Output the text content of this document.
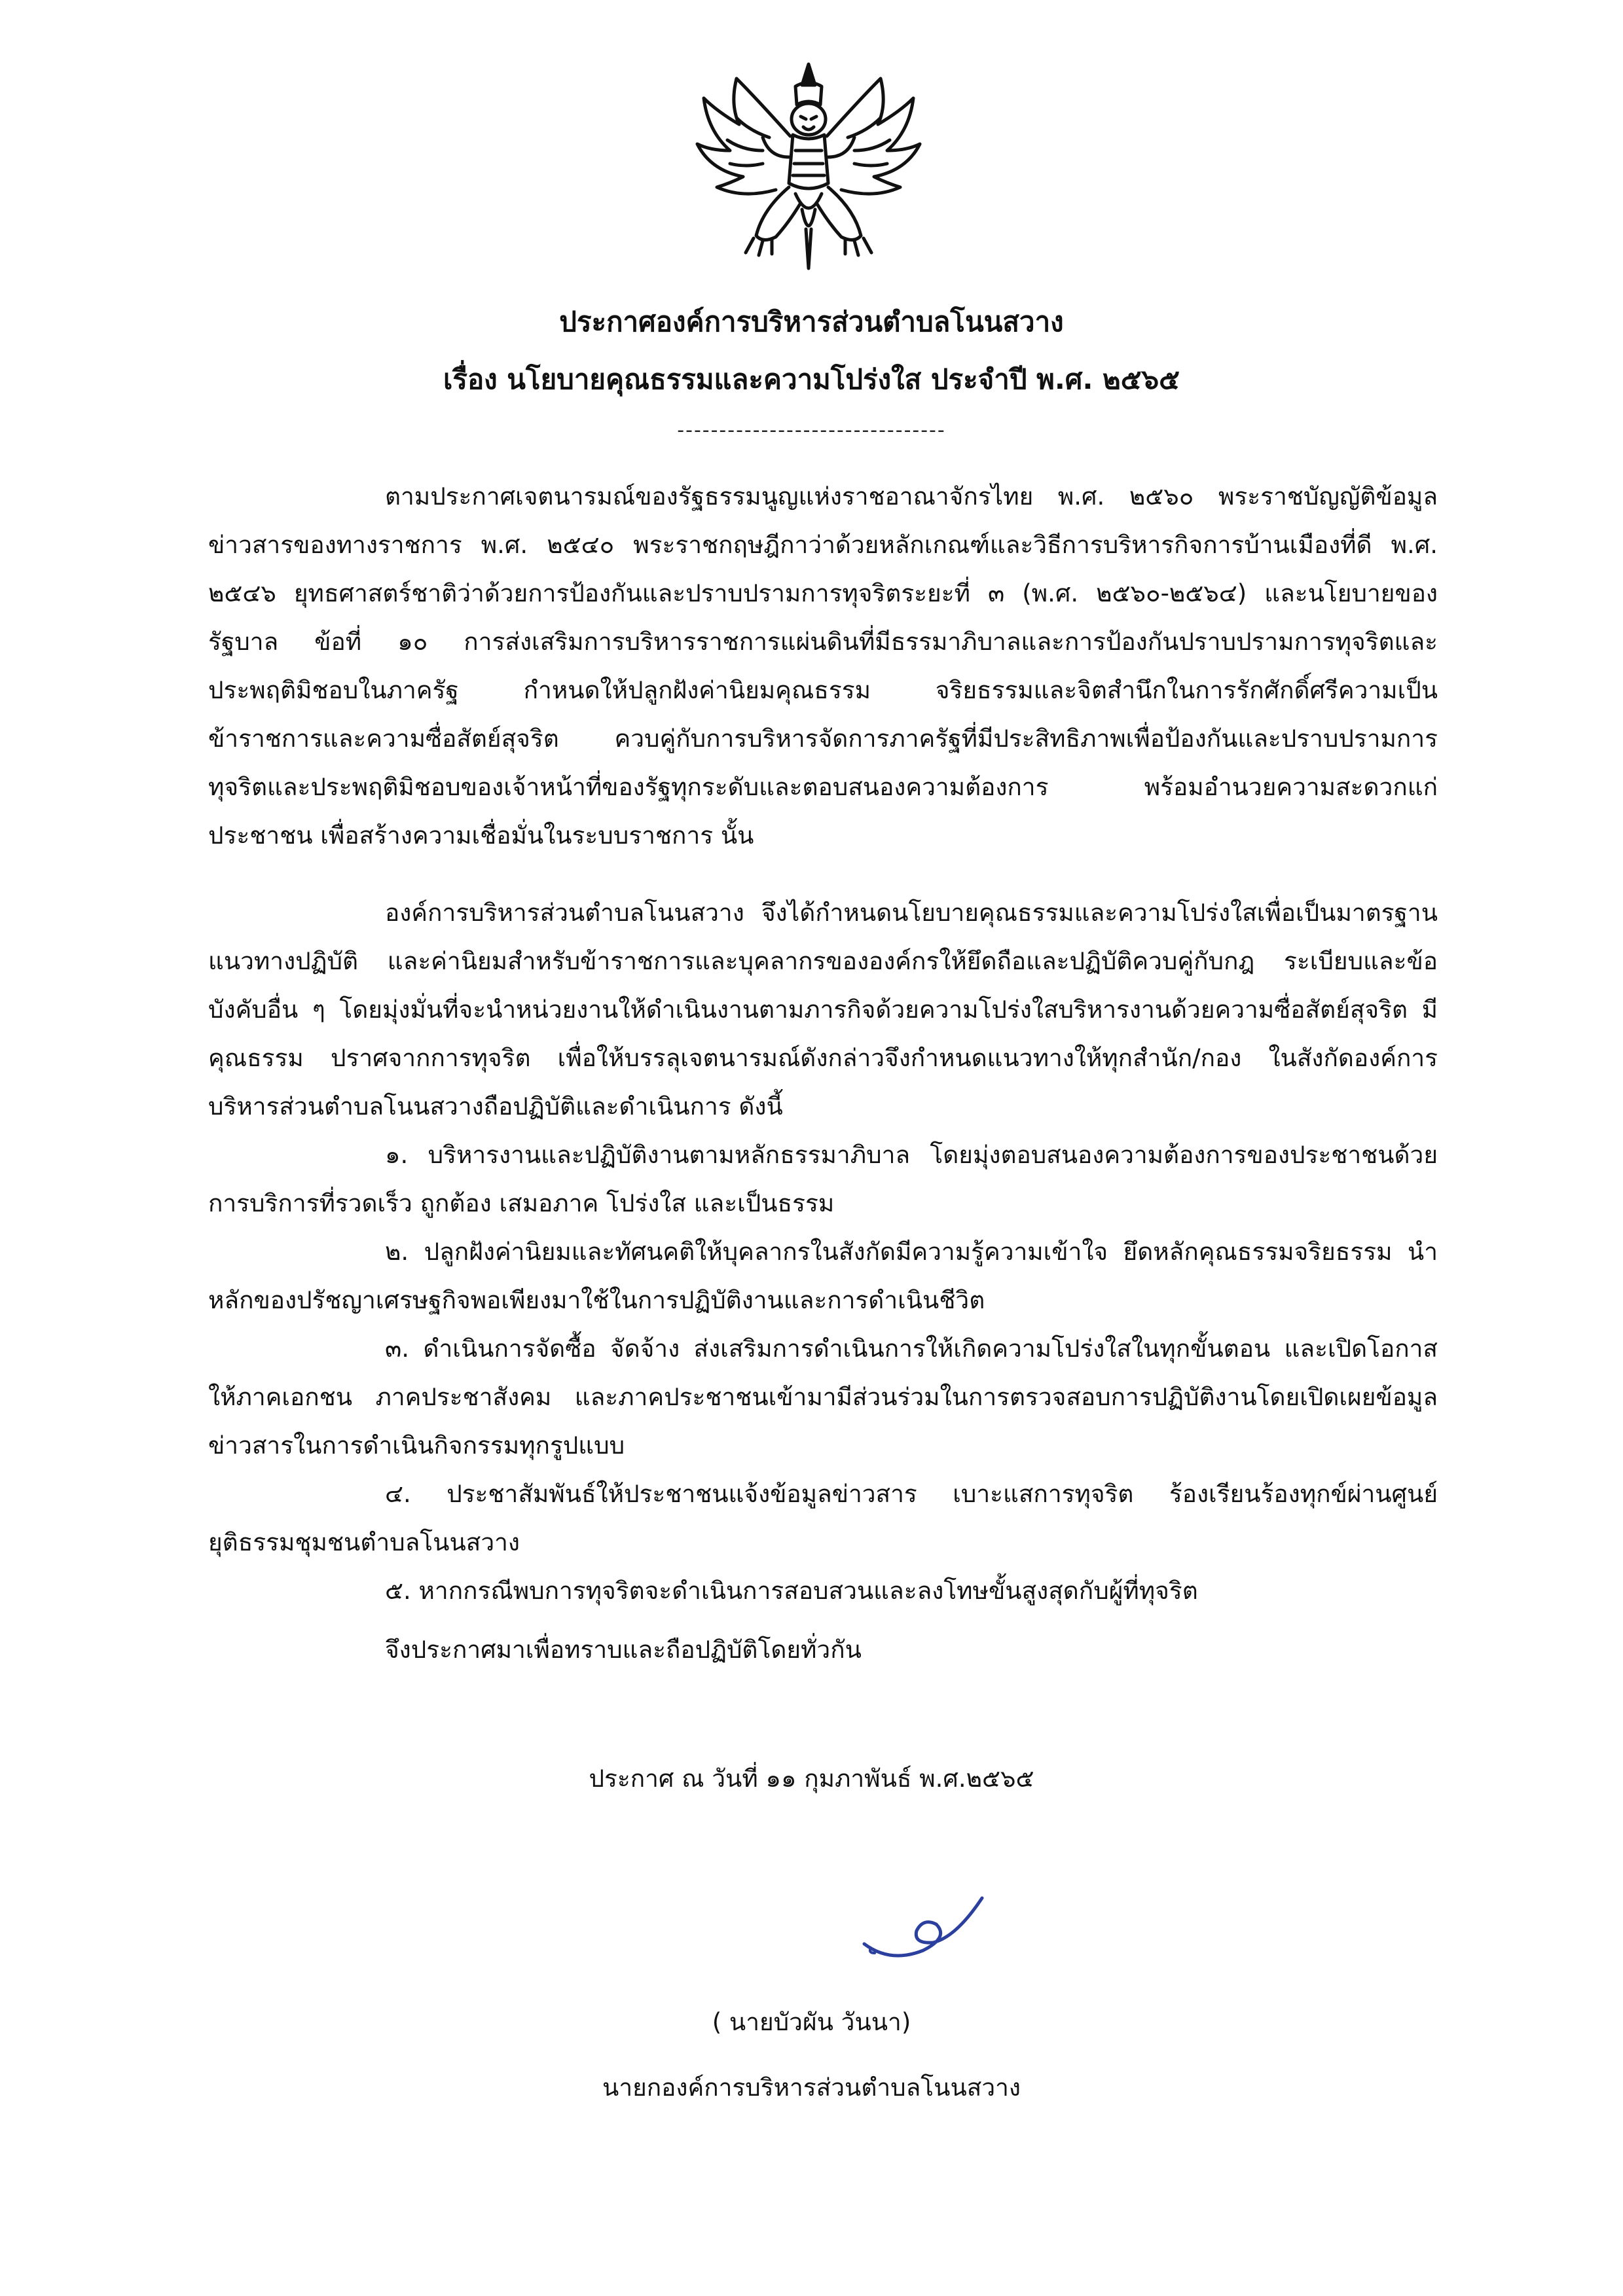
ประกาศองค์การบริหารส่วนตำบลโนนสวาง
เรื่อง นโยบายคุณธรรมและความโปร่งใส ประจำปี พ.ศ. ๒๕๖๕
--------------------------------

ตามประกาศเจตนารมณ์ของรัฐธรรมนูญแห่งราชอาณาจักรไทย พ.ศ. ๒๕๖๐ พระราชบัญญัติข้อมูลข่าวสารของทางราชการ พ.ศ. ๒๕๔๐ พระราชกฤษฎีกาว่าด้วยหลักเกณฑ์และวิธีการบริหารกิจการบ้านเมืองที่ดี พ.ศ. ๒๕๔๖ ยุทธศาสตร์ชาติว่าด้วยการป้องกันและปราบปรามการทุจริตระยะที่ ๓ (พ.ศ. ๒๕๖๐-๒๕๖๔) และนโยบายของรัฐบาล ข้อที่ ๑๐ การส่งเสริมการบริหารราชการแผ่นดินที่มีธรรมาภิบาลและการป้องกันปราบปรามการทุจริตและประพฤติมิชอบในภาครัฐ กำหนดให้ปลูกฝังค่านิยมคุณธรรม จริยธรรมและจิตสำนึกในการรักศักดิ์ศรีความเป็นข้าราชการและความซื่อสัตย์สุจริต ควบคู่กับการบริหารจัดการภาครัฐที่มีประสิทธิภาพเพื่อป้องกันและปราบปรามการทุจริตและประพฤติมิชอบของเจ้าหน้าที่ของรัฐทุกระดับและตอบสนองความต้องการ พร้อมอำนวยความสะดวกแก่ประชาชน เพื่อสร้างความเชื่อมั่นในระบบราชการ นั้น

องค์การบริหารส่วนตำบลโนนสวาง จึงได้กำหนดนโยบายคุณธรรมและความโปร่งใสเพื่อเป็นมาตรฐาน แนวทางปฏิบัติ และค่านิยมสำหรับข้าราชการและบุคลากรขององค์กรให้ยึดถือและปฏิบัติควบคู่กับกฎ ระเบียบและข้อบังคับอื่น ๆ โดยมุ่งมั่นที่จะนำหน่วยงานให้ดำเนินงานตามภารกิจด้วยความโปร่งใสบริหารงานด้วยความซื่อสัตย์สุจริต มีคุณธรรม ปราศจากการทุจริต เพื่อให้บรรลุเจตนารมณ์ดังกล่าวจึงกำหนดแนวทางให้ทุกสำนัก/กอง ในสังกัดองค์การบริหารส่วนตำบลโนนสวางถือปฏิบัติและดำเนินการ ดังนี้

๑. บริหารงานและปฏิบัติงานตามหลักธรรมาภิบาล โดยมุ่งตอบสนองความต้องการของประชาชนด้วยการบริการที่รวดเร็ว ถูกต้อง เสมอภาค โปร่งใส และเป็นธรรม

๒. ปลูกฝังค่านิยมและทัศนคติให้บุคลากรในสังกัดมีความรู้ความเข้าใจ ยึดหลักคุณธรรมจริยธรรม นำหลักของปรัชญาเศรษฐกิจพอเพียงมาใช้ในการปฏิบัติงานและการดำเนินชีวิต

๓. ดำเนินการจัดซื้อ จัดจ้าง ส่งเสริมการดำเนินการให้เกิดความโปร่งใสในทุกขั้นตอน และเปิดโอกาสให้ภาคเอกชน ภาคประชาสังคม และภาคประชาชนเข้ามามีส่วนร่วมในการตรวจสอบการปฏิบัติงานโดยเปิดเผยข้อมูลข่าวสารในการดำเนินกิจกรรมทุกรูปแบบ

๔. ประชาสัมพันธ์ให้ประชาชนแจ้งข้อมูลข่าวสาร เบาะแสการทุจริต ร้องเรียนร้องทุกข์ผ่านศูนย์ยุติธรรมชุมชนตำบลโนนสวาง

๕. หากกรณีพบการทุจริตจะดำเนินการสอบสวนและลงโทษขั้นสูงสุดกับผู้ที่ทุจริต

จึงประกาศมาเพื่อทราบและถือปฏิบัติโดยทั่วกัน

ประกาศ ณ วันที่ ๑๑ กุมภาพันธ์ พ.ศ.๒๕๖๕
( นายบัวผัน วันนา)
นายกองค์การบริหารส่วนตำบลโนนสวาง
